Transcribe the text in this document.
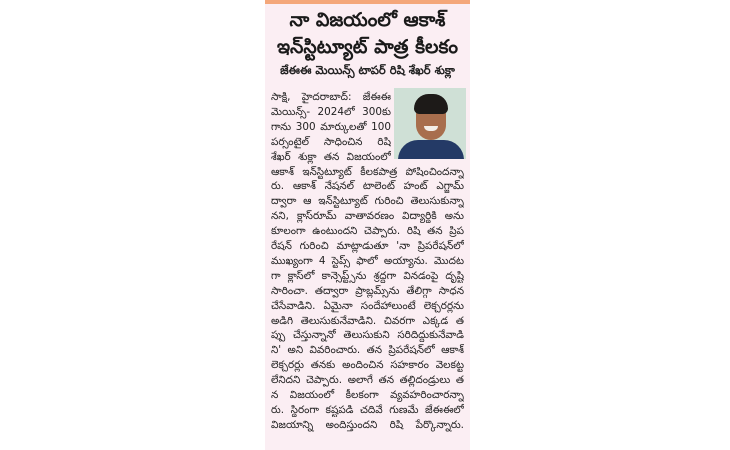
నా విజయంలో ఆకాశ్
ఇన్‌స్టిట్యూట్ పాత్ర కీలకం
జేఈఈ మెయిన్స్ టాపర్ రిషి శేఖర్ శుక్లా
సాక్షి, హైదరాబాద్: జేఈఈ
మెయిన్స్‌- 2024లో 300కు
గాను 300 మార్కులతో 100
పర్సంటైల్ సాధించిన రిషి
శేఖర్ శుక్లా తన విజయంలో
ఆకాశ్ ఇన్‌స్టిట్యూట్ కీలకపాత్ర పోషించిందన్నా
రు. ఆకాశ్ నేషనల్ టాలెంట్ హంట్ ఎగ్జామ్
ద్వారా ఆ ఇన్‌స్టిట్యూట్ గురించి తెలుసుకున్నా
నని, క్లాస్‌రూమ్ వాతావరణం విద్యార్థికి అను
కూలంగా ఉంటుందని చెప్పారు. రిషి తన ప్రిప
రేషన్ గురించి మాట్లాడుతూ 'నా ప్రిపరేషన్‌లో
ముఖ్యంగా 4 స్టెప్స్ ఫాలో అయ్యాను. మొదట
గా క్లాస్‌లో కాన్సెప్ట్స్‌ను శ్రద్ధగా వినడంపై దృష్టి
సారించా. తద్వారా ప్రాబ్లమ్స్‌ను తేలిగ్గా సాధన
చేసేవాడిని. ఏమైనా సందేహాలుంటే లెక్చరర్లను
అడిగి తెలుసుకునేవాడిని. చివరగా ఎక్కడ త
ప్పు చేస్తున్నానో తెలుసుకుని సరిదిద్దుకునేవాడి
ని' అని వివరించారు. తన ప్రిపరేషన్‌లో ఆకాశ్
లెక్చరర్లు తనకు అందించిన సహకారం వెలకట్ట
లేనిదని చెప్పారు. అలాగే తన తల్లిదండ్రులు త
న విజయంలో కీలకంగా వ్యవహరించారన్నా
రు. స్థిరంగా కష్టపడి చదివే గుణమే జేఈఈలో
విజయాన్ని అందిస్తుందని రిషి పేర్కొన్నారు.
